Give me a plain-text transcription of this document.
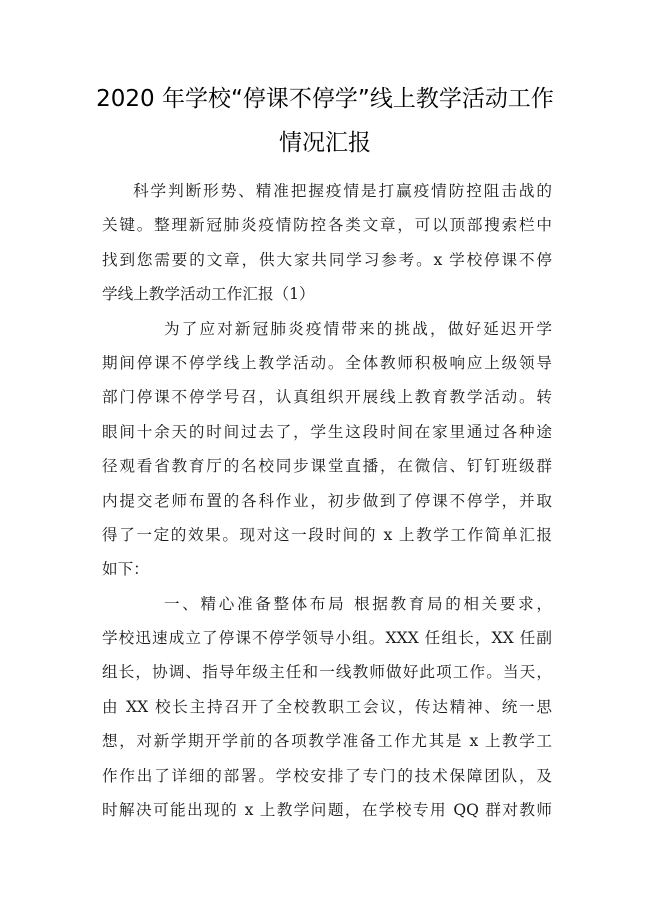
2020 年学校“停课不停学”线上教学活动工作
情况汇报
科学判断形势、精准把握疫情是打赢疫情防控阻击战的
关键。整理新冠肺炎疫情防控各类文章，可以顶部搜索栏中
找到您需要的文章，供大家共同学习参考。x 学校停课不停
学线上教学活动工作汇报（1）
为了应对新冠肺炎疫情带来的挑战，做好延迟开学
期间停课不停学线上教学活动。全体教师积极响应上级领导
部门停课不停学号召，认真组织开展线上教育教学活动。转
眼间十余天的时间过去了，学生这段时间在家里通过各种途
径观看省教育厅的名校同步课堂直播，在微信、钉钉班级群
内提交老师布置的各科作业，初步做到了停课不停学，并取
得了一定的效果。现对这一段时间的 x 上教学工作简单汇报
如下：
一、精心准备整体布局 根据教育局的相关要求，
学校迅速成立了停课不停学领导小组。XXX 任组长，XX 任副
组长，协调、指导年级主任和一线教师做好此项工作。当天，
由 XX 校长主持召开了全校教职工会议，传达精神、统一思
想，对新学期开学前的各项教学准备工作尤其是 x 上教学工
作作出了详细的部署。学校安排了专门的技术保障团队，及
时解决可能出现的 x 上教学问题，在学校专用 QQ 群对教师
